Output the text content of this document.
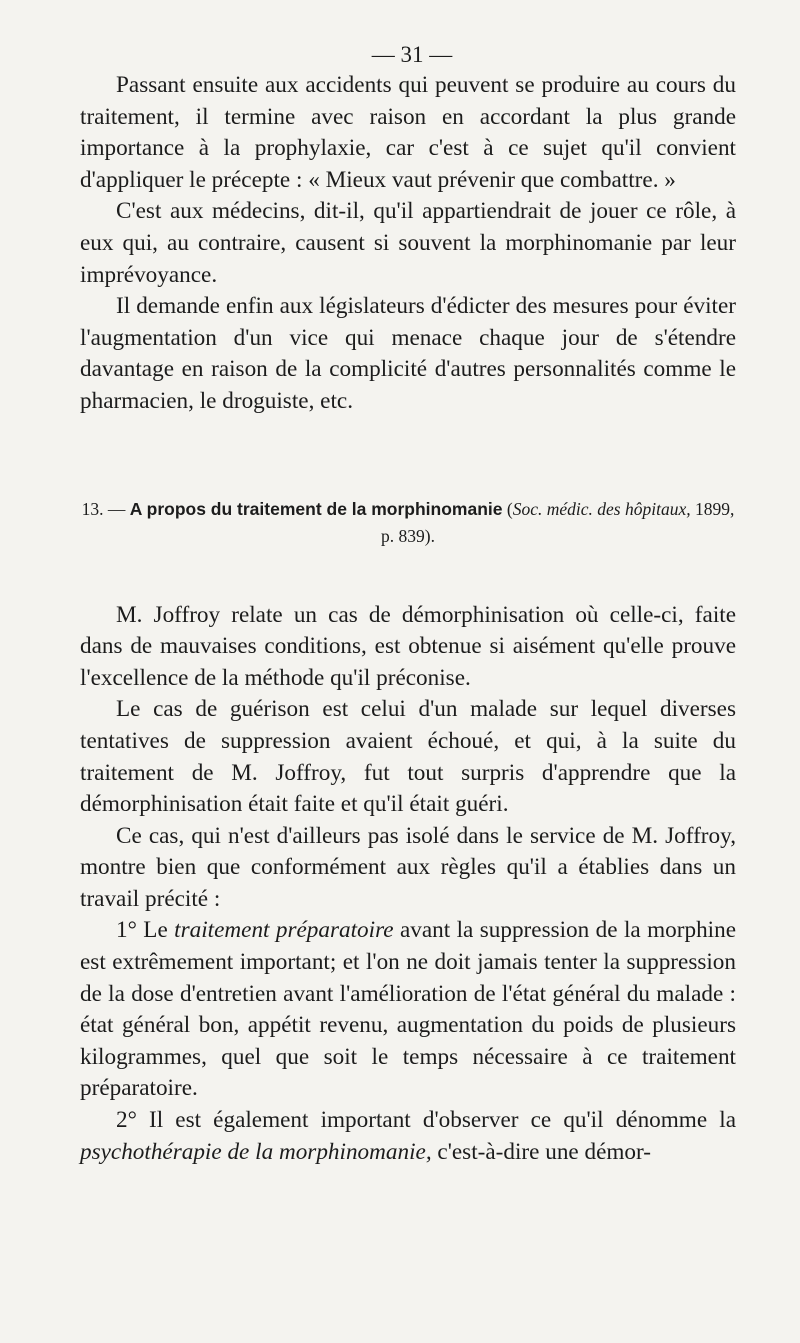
— 31 —

Passant ensuite aux accidents qui peuvent se produire au cours du traitement, il termine avec raison en accordant la plus grande importance à la prophylaxie, car c'est à ce sujet qu'il convient d'appliquer le précepte : « Mieux vaut prévenir que combattre. »

C'est aux médecins, dit-il, qu'il appartiendrait de jouer ce rôle, à eux qui, au contraire, causent si souvent la morphinomanie par leur imprévoyance.

Il demande enfin aux législateurs d'édicter des mesures pour éviter l'augmentation d'un vice qui menace chaque jour de s'étendre davantage en raison de la complicité d'autres personnalités comme le pharmacien, le droguiste, etc.

13. — A propos du traitement de la morphinomanie (Soc. médic. des hôpitaux, 1899, p. 839).

M. Joffroy relate un cas de démorphinisation où celle-ci, faite dans de mauvaises conditions, est obtenue si aisément qu'elle prouve l'excellence de la méthode qu'il préconise.

Le cas de guérison est celui d'un malade sur lequel diverses tentatives de suppression avaient échoué, et qui, à la suite du traitement de M. Joffroy, fut tout surpris d'apprendre que la démorphinisation était faite et qu'il était guéri.

Ce cas, qui n'est d'ailleurs pas isolé dans le service de M. Joffroy, montre bien que conformément aux règles qu'il a établies dans un travail précité :

1° Le traitement préparatoire avant la suppression de la morphine est extrêmement important; et l'on ne doit jamais tenter la suppression de la dose d'entretien avant l'amélioration de l'état général du malade : état général bon, appétit revenu, augmentation du poids de plusieurs kilogrammes, quel que soit le temps nécessaire à ce traitement préparatoire.

2° Il est également important d'observer ce qu'il dénomme la psychothérapie de la morphinomanie, c'est-à-dire une démor-
